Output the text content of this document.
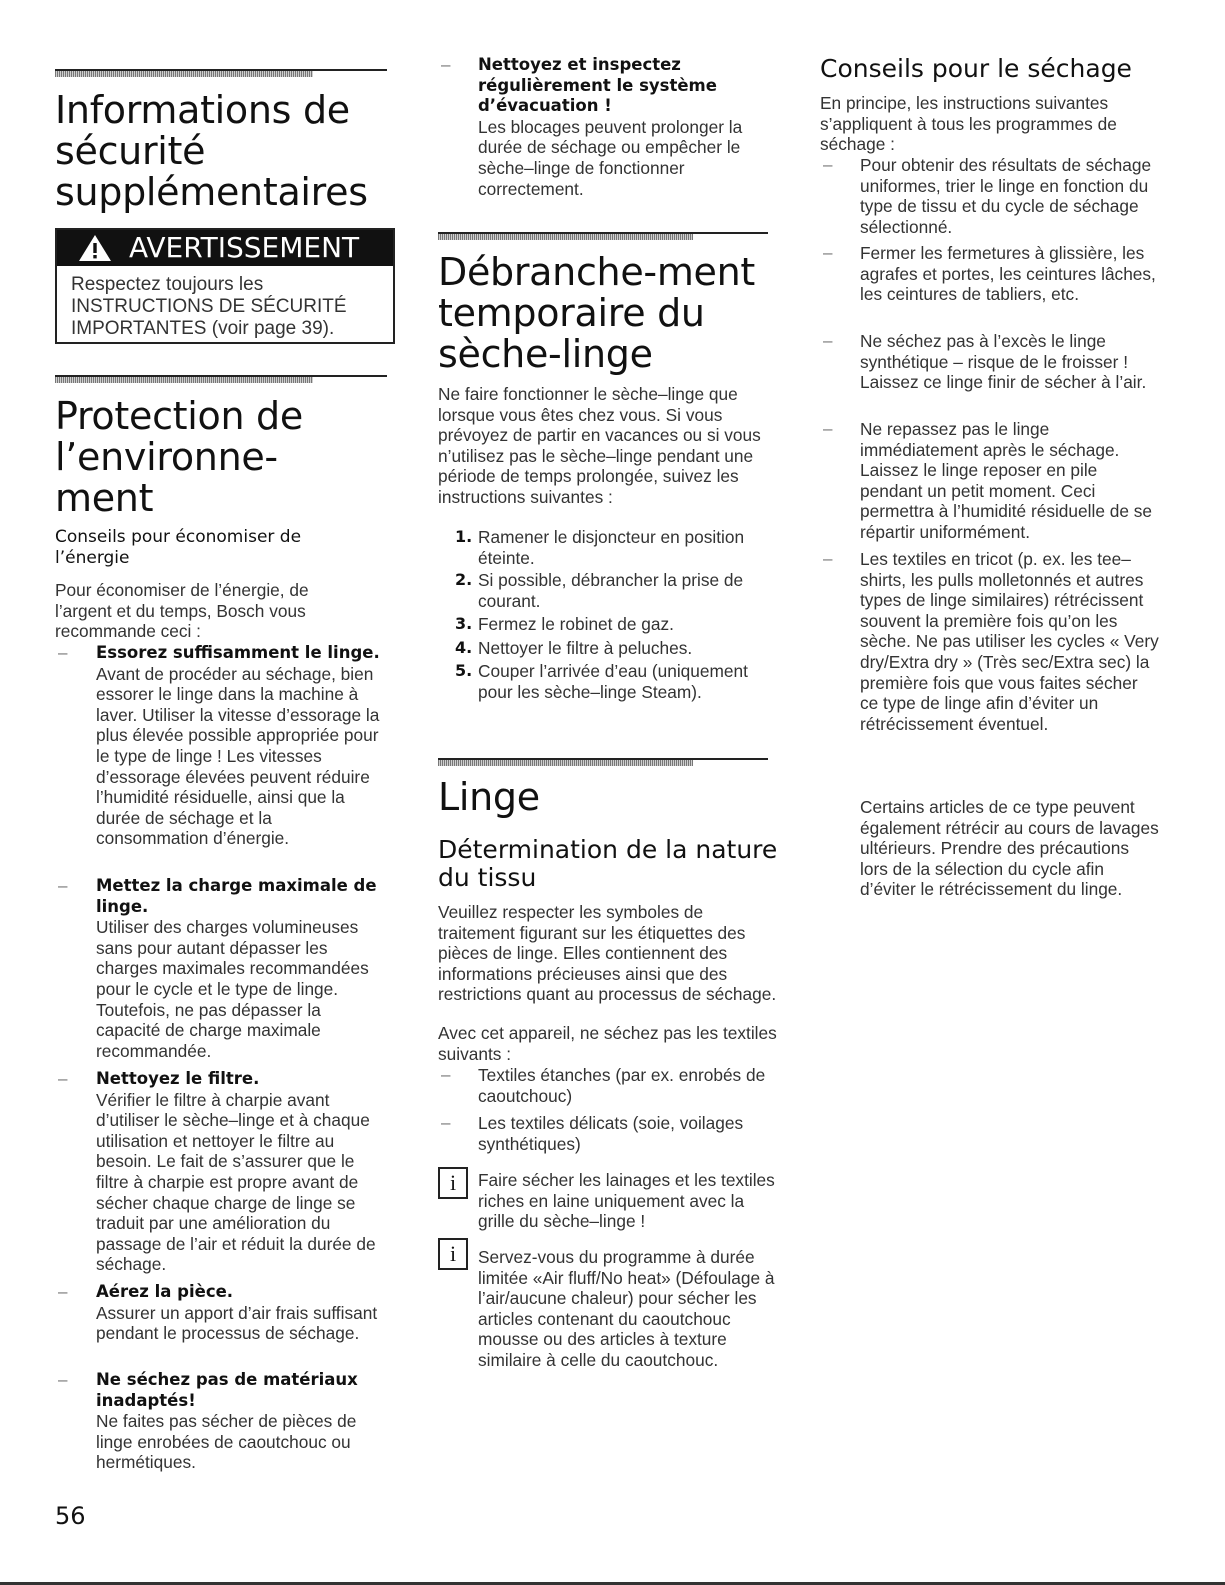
Informations de sécurité supplémentaires
AVERTISSEMENT
Respectez toujours les INSTRUCTIONS DE SÉCURITÉ IMPORTANTES (voir page 39).
Protection de l’environne-ment
Conseils pour économiser de l’énergie
Pour économiser de l’énergie, de l’argent et du temps, Bosch vous recommande ceci :
– Essorez suffisamment le linge.
Avant de procéder au séchage, bien essorer le linge dans la machine à laver. Utiliser la vitesse d’essorage la plus élevée possible appropriée pour le type de linge ! Les vitesses d’essorage élevées peuvent réduire l’humidité résiduelle, ainsi que la durée de séchage et la consommation d’énergie.
– Mettez la charge maximale de linge.
Utiliser des charges volumineuses sans pour autant dépasser les charges maximales recommandées pour le cycle et le type de linge. Toutefois, ne pas dépasser la capacité de charge maximale recommandée.
– Nettoyez le filtre.
Vérifier le filtre à charpie avant d’utiliser le sèche–linge et à chaque utilisation et nettoyer le filtre au besoin. Le fait de s’assurer que le filtre à charpie est propre avant de sécher chaque charge de linge se traduit par une amélioration du passage de l’air et réduit la durée de séchage.
– Aérez la pièce.
Assurer un apport d’air frais suffisant pendant le processus de séchage.
– Ne séchez pas de matériaux inadaptés!
Ne faites pas sécher de pièces de linge enrobées de caoutchouc ou hermétiques.
56
– Nettoyez et inspectez régulièrement le système d’évacuation !
Les blocages peuvent prolonger la durée de séchage ou empêcher le sèche–linge de fonctionner correctement.
Débranche-ment temporaire du sèche-linge
Ne faire fonctionner le sèche–linge que lorsque vous êtes chez vous. Si vous prévoyez de partir en vacances ou si vous n’utilisez pas le sèche–linge pendant une période de temps prolongée, suivez les instructions suivantes :
1. Ramener le disjoncteur en position éteinte.
2. Si possible, débrancher la prise de courant.
3. Fermez le robinet de gaz.
4. Nettoyer le filtre à peluches.
5. Couper l’arrivée d’eau (uniquement pour les sèche–linge Steam).
Linge
Détermination de la nature du tissu
Veuillez respecter les symboles de traitement figurant sur les étiquettes des pièces de linge. Elles contiennent des informations précieuses ainsi que des restrictions quant au processus de séchage.
Avec cet appareil, ne séchez pas les textiles suivants :
– Textiles étanches (par ex. enrobés de caoutchouc)
– Les textiles délicats (soie, voilages synthétiques)
i	Faire sécher les lainages et les textiles riches en laine uniquement avec la grille du sèche–linge !
i	Servez-vous du programme à durée limitée «Air fluff/No heat» (Défoulage à l’air/aucune chaleur) pour sécher les articles contenant du caoutchouc mousse ou des articles à texture similaire à celle du caoutchouc.
Conseils pour le séchage
En principe, les instructions suivantes s’appliquent à tous les programmes de séchage :
– Pour obtenir des résultats de séchage uniformes, trier le linge en fonction du type de tissu et du cycle de séchage sélectionné.
– Fermer les fermetures à glissière, les agrafes et portes, les ceintures lâches, les ceintures de tabliers, etc.
– Ne séchez pas à l’excès le linge synthétique – risque de le froisser ! Laissez ce linge finir de sécher à l’air.
– Ne repassez pas le linge immédiatement après le séchage. Laissez le linge reposer en pile pendant un petit moment. Ceci permettra à l’humidité résiduelle de se répartir uniformément.
– Les textiles en tricot (p. ex. les tee–shirts, les pulls molletonnés et autres types de linge similaires) rétrécissent souvent la première fois qu’on les sèche. Ne pas utiliser les cycles « Very dry/Extra dry » (Très sec/Extra sec) la première fois que vous faites sécher ce type de linge afin d’éviter un rétrécissement éventuel.
Certains articles de ce type peuvent également rétrécir au cours de lavages ultérieurs. Prendre des précautions lors de la sélection du cycle afin d’éviter le rétrécissement du linge.
